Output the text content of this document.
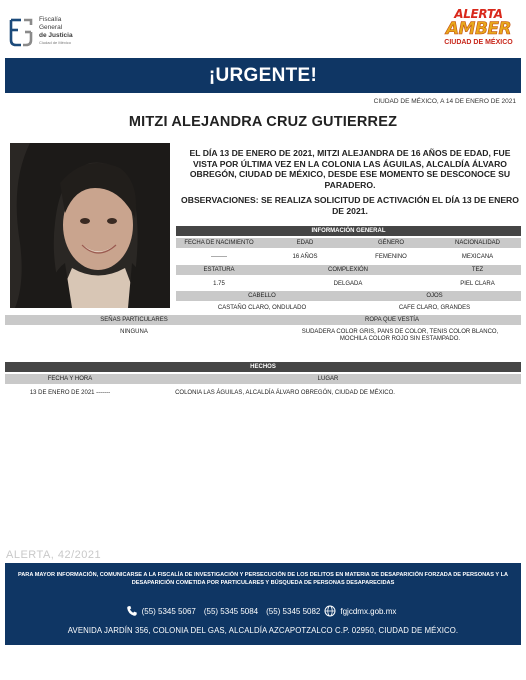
Fiscalía
General
de Justicia
Ciudad de México
ALERTA
AMBER
CIUDAD DE MÉXICO
¡URGENTE!
CIUDAD DE MÉXICO, A 14 DE ENERO DE 2021
MITZI ALEJANDRA CRUZ GUTIERREZ
EL DÍA 13 DE ENERO DE 2021, MITZI ALEJANDRA DE 16 AÑOS DE EDAD, FUE VISTA POR ÚLTIMA VEZ EN LA COLONIA LAS ÁGUILAS, ALCALDÍA ÁLVARO OBREGÓN, CIUDAD DE MÉXICO, DESDE ESE MOMENTO SE DESCONOCE SU PARADERO.
OBSERVACIONES: SE REALIZA SOLICITUD DE ACTIVACIÓN EL DÍA 13 DE ENERO DE 2021.
INFORMACIÓN GENERAL
FECHA DE NACIMIENTO	EDAD	GÉNERO	NACIONALIDAD
--------	16 AÑOS	FEMENINO	MEXICANA
ESTATURA	COMPLEXIÓN	TEZ
1.75	DELGADA	PIEL CLARA
CABELLO	OJOS
CASTAÑO CLARO, ONDULADO	CAFE CLARO, GRANDES
SEÑAS PARTICULARES	ROPA QUE VESTÍA
NINGUNA	SUDADERA COLOR GRIS, PANS DE COLOR, TENIS COLOR BLANCO, MOCHILA COLOR ROJO SIN ESTAMPADO.
HECHOS
FECHA Y HORA	LUGAR
13 DE ENERO DE 2021 -------	COLONIA LAS ÁGUILAS, ALCALDÍA ÁLVARO OBREGÓN, CIUDAD DE MÉXICO.
ALERTA, 42/2021
PARA MAYOR INFORMACIÓN, COMUNICARSE A LA FISCALÍA DE INVESTIGACIÓN Y PERSECUCIÓN DE LOS DELITOS EN MATERIA DE DESAPARICIÓN FORZADA DE PERSONAS Y LA DESAPARICIÓN COMETIDA POR PARTICULARES Y BÚSQUEDA DE PERSONAS DESAPARECIDAS
(55) 5345 5067 (55) 5345 5084 (55) 5345 5082	fgjcdmx.gob.mx
AVENIDA JARDÍN 356, COLONIA DEL GAS, ALCALDÍA AZCAPOTZALCO C.P. 02950, CIUDAD DE MÉXICO.
